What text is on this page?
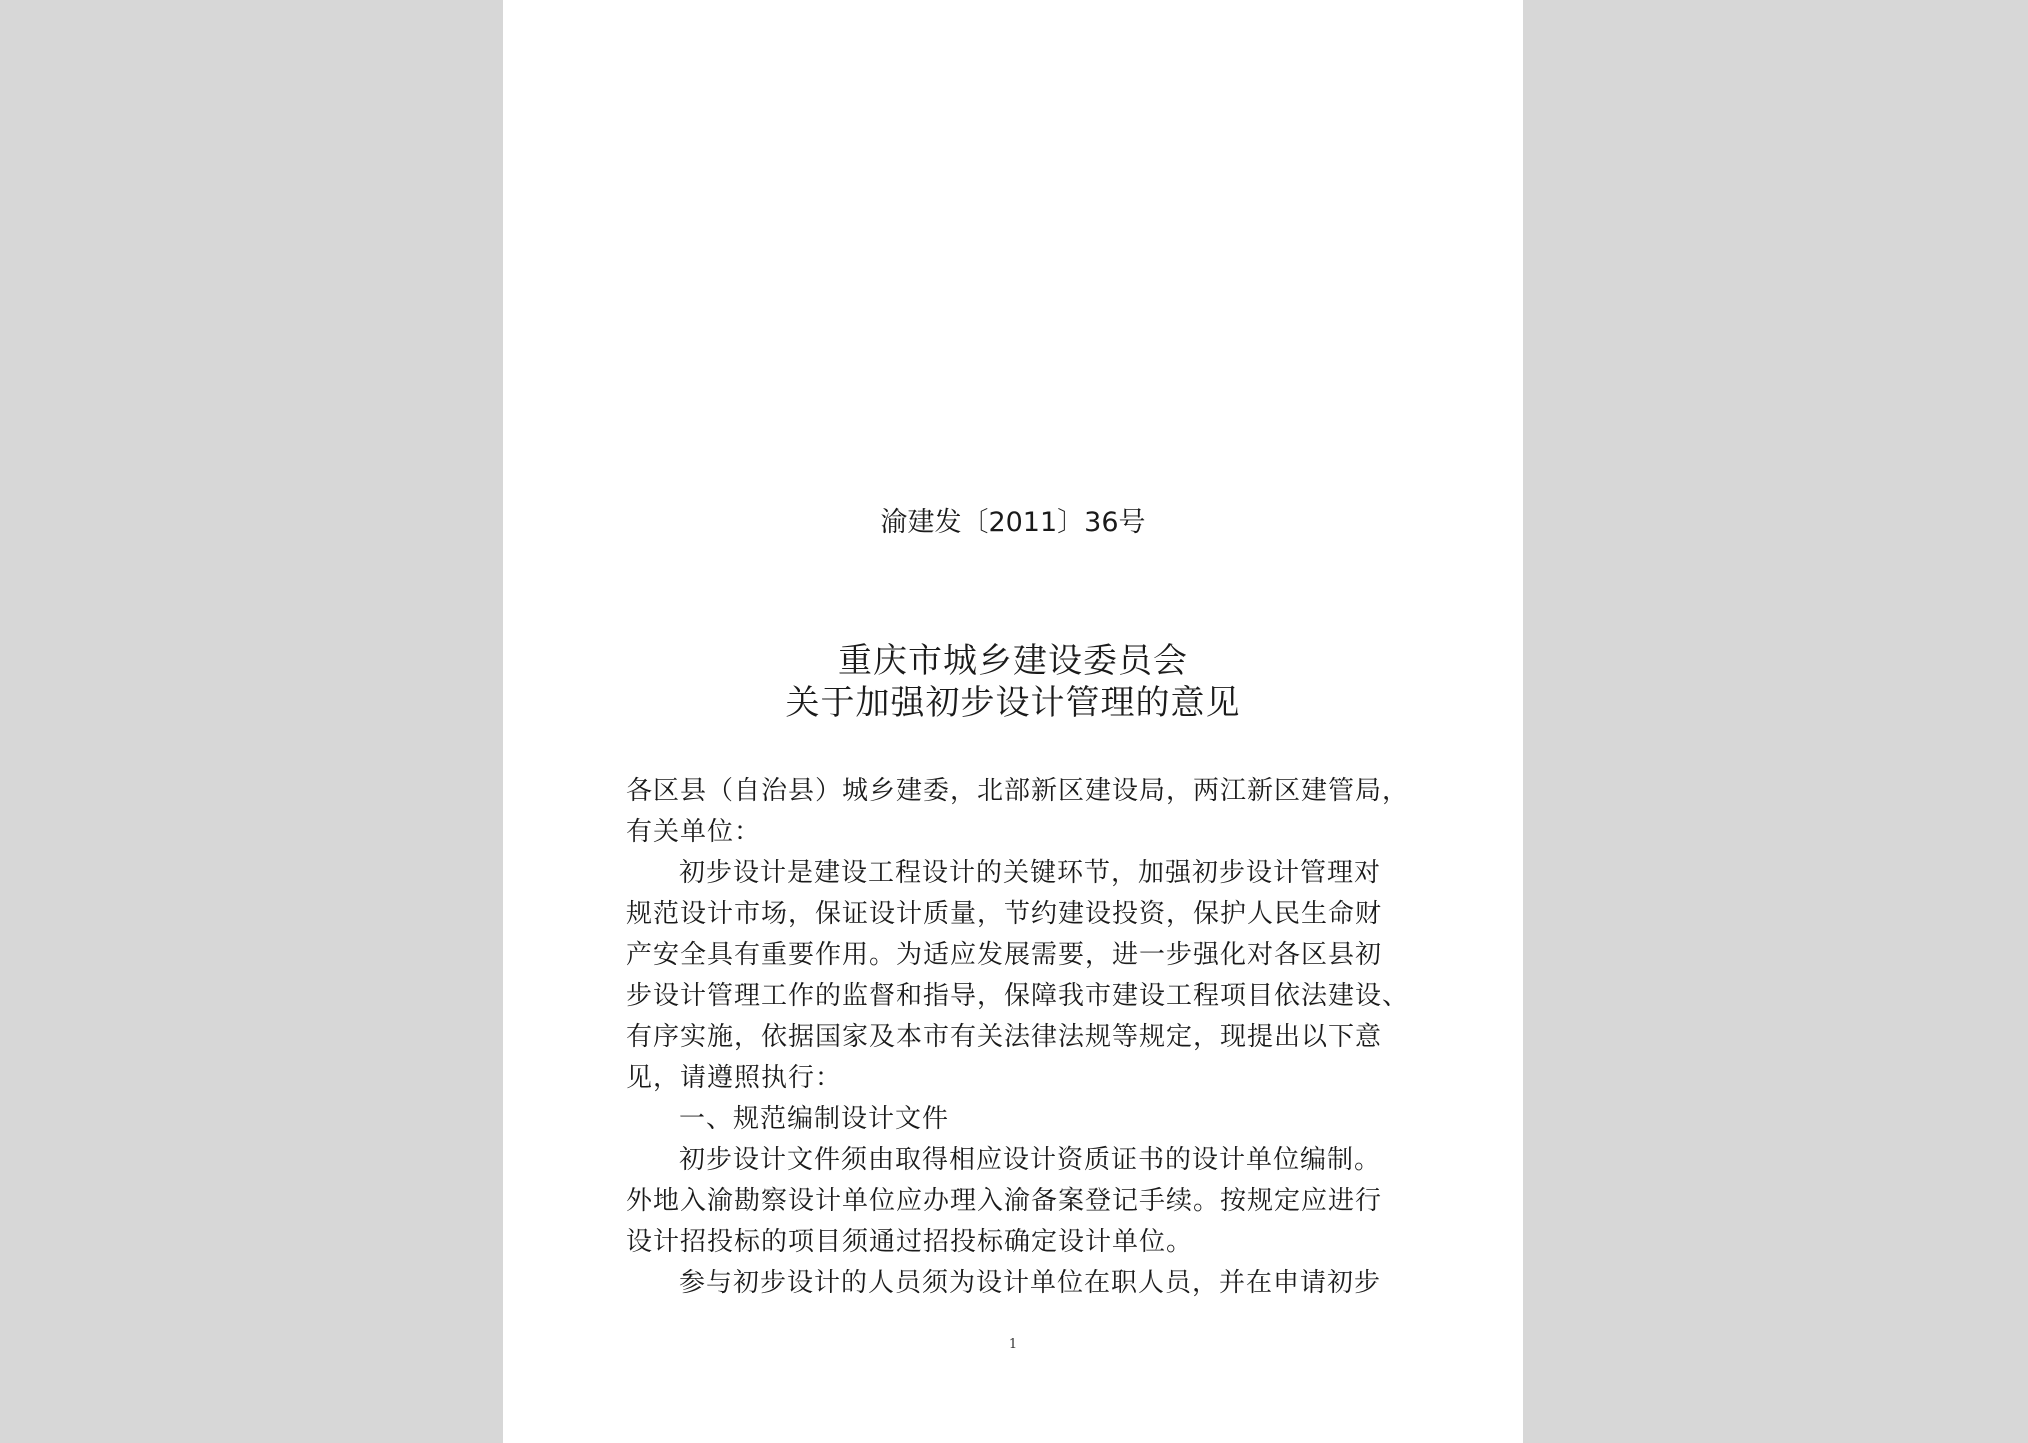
渝建发〔2011〕36号
重庆市城乡建设委员会
关于加强初步设计管理的意见
各区县（自治县）城乡建委，北部新区建设局，两江新区建管局，
有关单位：
初步设计是建设工程设计的关键环节，加强初步设计管理对
规范设计市场，保证设计质量，节约建设投资，保护人民生命财
产安全具有重要作用。为适应发展需要，进一步强化对各区县初
步设计管理工作的监督和指导，保障我市建设工程项目依法建设、
有序实施，依据国家及本市有关法律法规等规定，现提出以下意
见，请遵照执行：
一、规范编制设计文件
初步设计文件须由取得相应设计资质证书的设计单位编制。
外地入渝勘察设计单位应办理入渝备案登记手续。按规定应进行
设计招投标的项目须通过招投标确定设计单位。
参与初步设计的人员须为设计单位在职人员，并在申请初步
1
